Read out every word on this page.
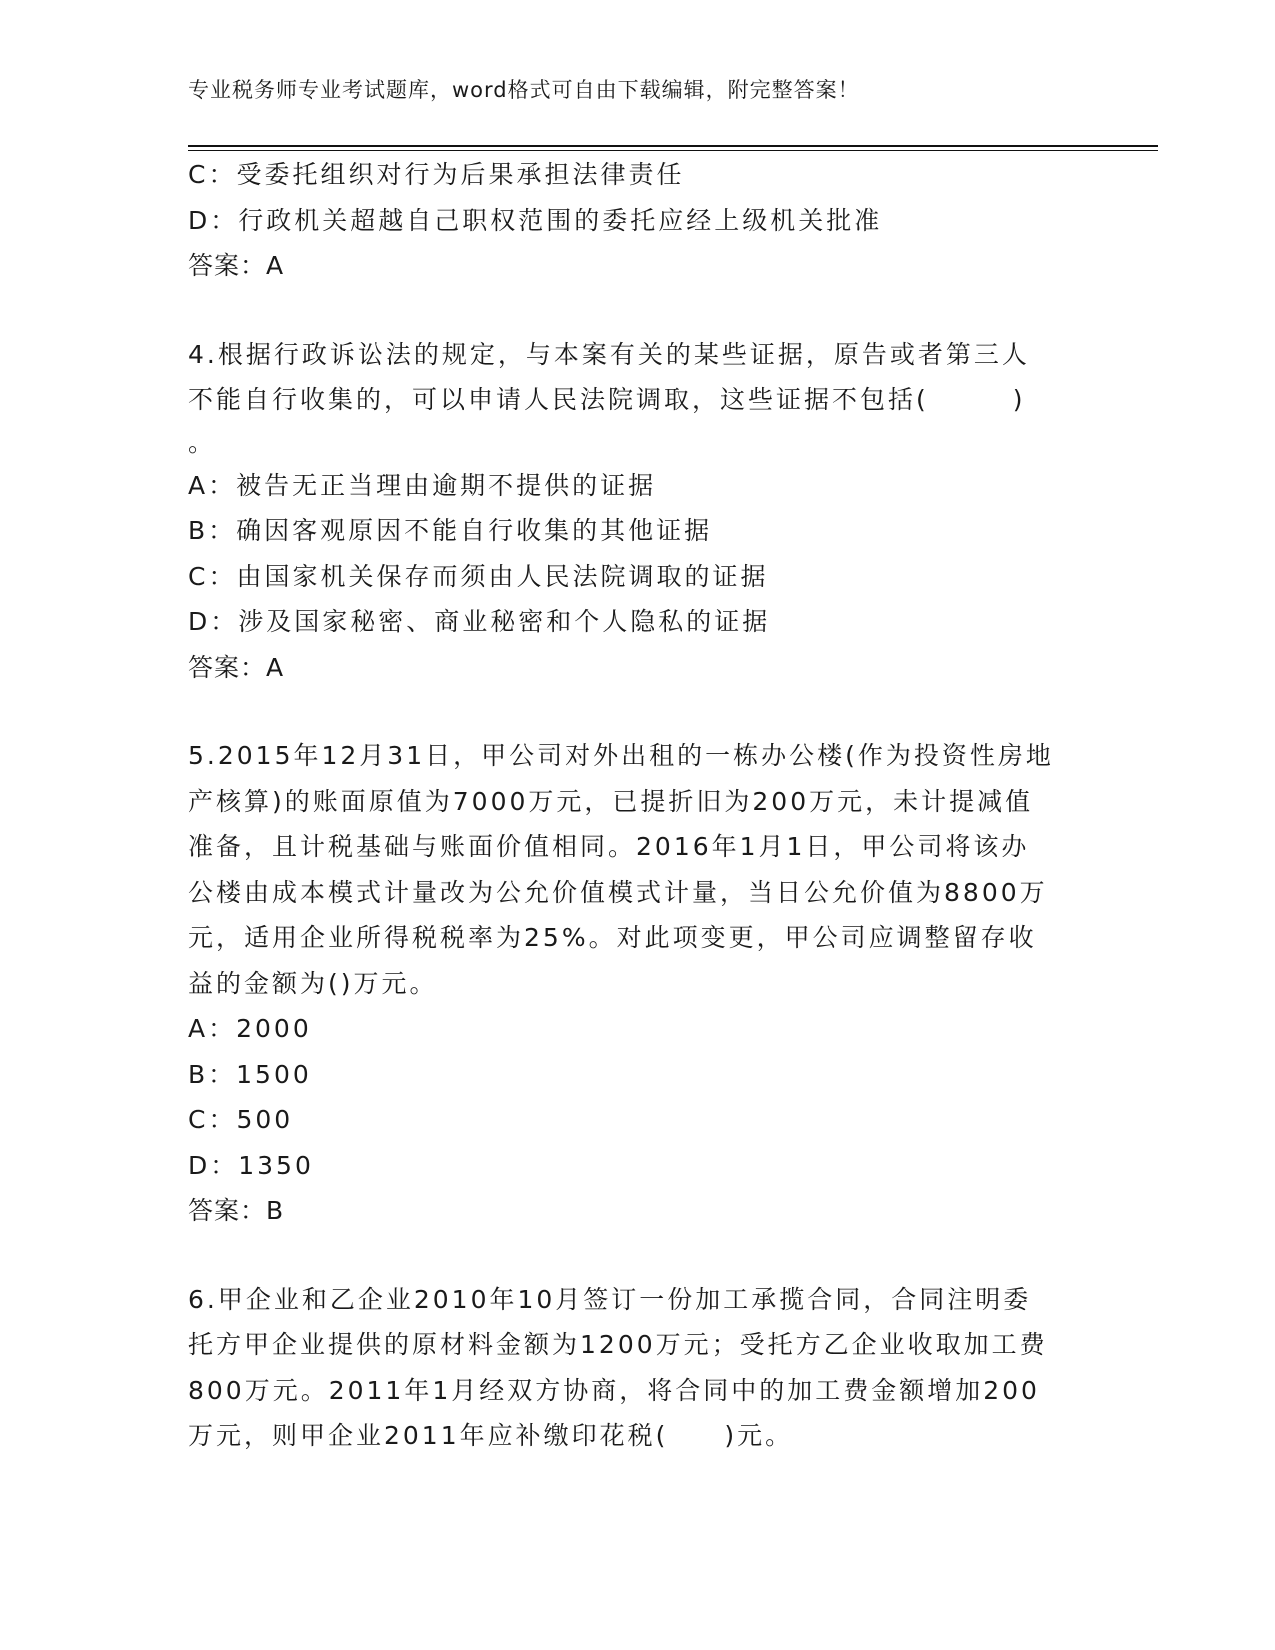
专业税务师专业考试题库，word格式可自由下载编辑，附完整答案！
C：受委托组织对行为后果承担法律责任
D：行政机关超越自己职权范围的委托应经上级机关批准
答案：A
4.根据行政诉讼法的规定，与本案有关的某些证据，原告或者第三人
不能自行收集的，可以申请人民法院调取，这些证据不包括(　　　)
。
A：被告无正当理由逾期不提供的证据
B：确因客观原因不能自行收集的其他证据
C：由国家机关保存而须由人民法院调取的证据
D：涉及国家秘密、商业秘密和个人隐私的证据
答案：A
5.2015年12月31日，甲公司对外出租的一栋办公楼(作为投资性房地
产核算)的账面原值为7000万元，已提折旧为200万元，未计提减值
准备，且计税基础与账面价值相同。2016年1月1日，甲公司将该办
公楼由成本模式计量改为公允价值模式计量，当日公允价值为8800万
元，适用企业所得税税率为25%。对此项变更，甲公司应调整留存收
益的金额为()万元。
A：2000
B：1500
C：500
D：1350
答案：B
6.甲企业和乙企业2010年10月签订一份加工承揽合同，合同注明委
托方甲企业提供的原材料金额为1200万元；受托方乙企业收取加工费
800万元。2011年1月经双方协商，将合同中的加工费金额增加200
万元，则甲企业2011年应补缴印花税(　　)元。
